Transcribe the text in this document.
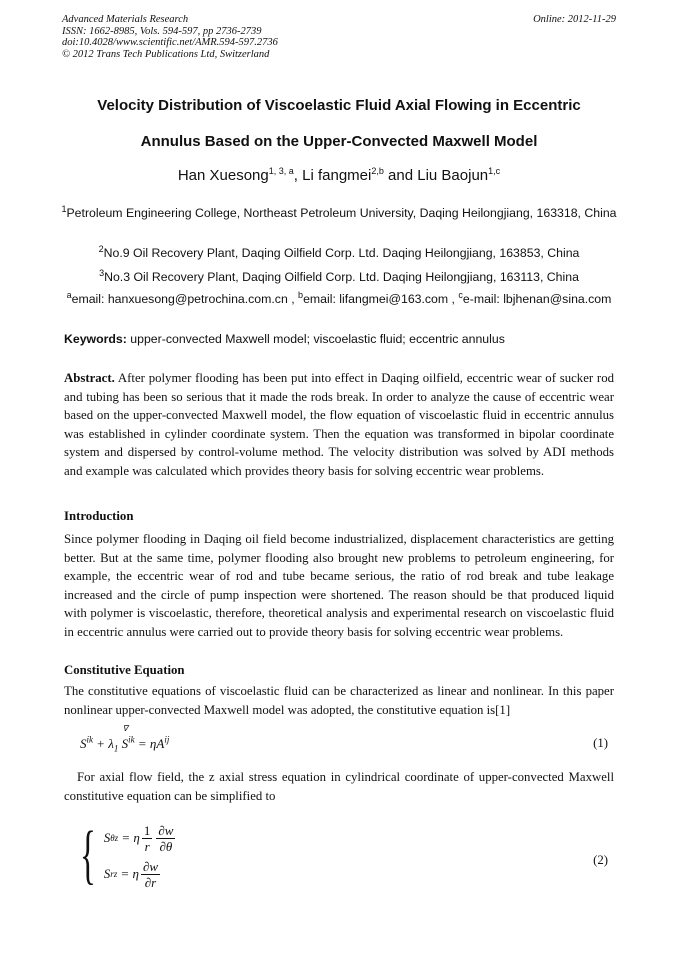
Advanced Materials Research
ISSN: 1662-8985, Vols. 594-597, pp 2736-2739
doi:10.4028/www.scientific.net/AMR.594-597.2736
© 2012 Trans Tech Publications Ltd, Switzerland
Online: 2012-11-29
Velocity Distribution of Viscoelastic Fluid Axial Flowing in Eccentric
Annulus Based on the Upper-Convected Maxwell Model
Han Xuesong$^{1, 3, a}$, Li fangmei$^{2,b}$ and Liu Baojun$^{1,c}$
$^1$Petroleum Engineering College, Northeast Petroleum University, Daqing Heilongjiang, 163318, China
$^2$No.9 Oil Recovery Plant, Daqing Oilfield Corp. Ltd. Daqing Heilongjiang, 163853, China
$^3$No.3 Oil Recovery Plant, Daqing Oilfield Corp. Ltd. Daqing Heilongjiang, 163113, China
$^a$email: hanxuesong@petrochina.com.cn , $^b$email: lifangmei@163.com , $^c$e-mail: lbjhenan@sina.com
Keywords: upper-convected Maxwell model; viscoelastic fluid; eccentric annulus
Abstract. After polymer flooding has been put into effect in Daqing oilfield, eccentric wear of sucker rod and tubing has been so serious that it made the rods break. In order to analyze the cause of eccentric wear based on the upper-convected Maxwell model, the flow equation of viscoelastic fluid in eccentric annulus was established in cylinder coordinate system. Then the equation was transformed in bipolar coordinate system and dispersed by control-volume method. The velocity distribution was solved by ADI methods and example was calculated which provides theory basis for solving eccentric wear problems.
Introduction
Since polymer flooding in Daqing oil field become industrialized, displacement characteristics are getting better. But at the same time, polymer flooding also brought new problems to petroleum engineering, for example, the eccentric wear of rod and tube became serious, the ratio of rod break and tube leakage increased and the circle of pump inspection were shortened. The reason should be that produced liquid with polymer is viscoelastic, therefore, theoretical analysis and experimental research on viscoelastic fluid in eccentric annulus were carried out to provide theory basis for solving eccentric wear problems.
Constitutive Equation
The constitutive equations of viscoelastic fluid can be characterized as linear and nonlinear. In this paper nonlinear upper-convected Maxwell model was adopted, the constitutive equation is[1]
$S^{ik} + \lambda_1$ S
∇
$^{ik} = \eta A^{ij}$	(1)
For axial flow field, the z axial stress equation in cylindrical coordinate of upper-convected Maxwell constitutive equation can be simplified to
{ S θz = η $\frac{1}{r} \frac{\partial w}{\partial\theta}$
S rz = η $\frac{\partial w}{\partial r}$	(2)
